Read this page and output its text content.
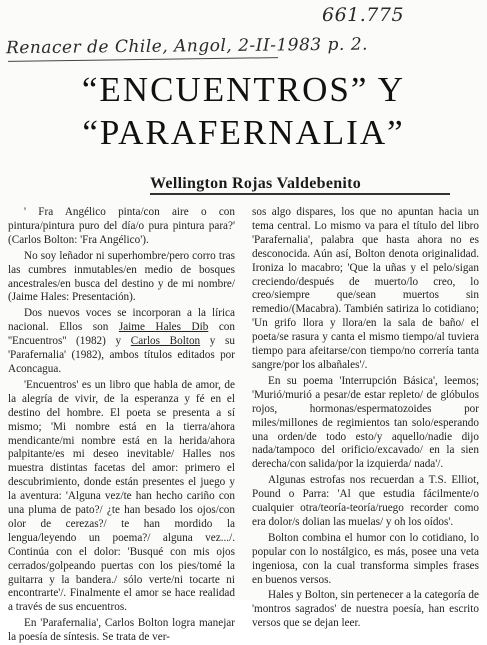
661.775
Renacer de Chile, Angol, 2-II-1983 p. 2.
“ENCUENTROS” Y
“PARAFERNALIA”
Wellington Rojas Valdebenito

' Fra Angélico pinta/con aire o con pintura/pintura puro del día/o pura pintura para?' (Carlos Bolton: 'Fra Angélico').

No soy leñador ni superhombre/pero corro tras las cumbres inmutables/en medio de bosques ancestrales/en busca del destino y de mi nombre/ (Jaime Hales: Presentación).

Dos nuevos voces se incorporan a la lírica nacional. Ellos son Jaime Hales Dib con ''Encuentros'' (1982) y Carlos Bolton y su 'Parafernalia' (1982), ambos títulos editados por Aconcagua.

'Encuentros' es un libro que habla de amor, de la alegría de vivir, de la esperanza y fé en el destino del hombre. El poeta se presenta a sí mismo; 'Mi nombre está en la tierra/ahora mendicante/mi nombre está en la herida/ahora palpitante/es mi deseo inevitable/ Halles nos muestra distintas facetas del amor: primero el descubrimiento, donde están presentes el juego y la aventura: 'Alguna vez/te han hecho cariño con una pluma de pato?/ ¿te han besado los ojos/con olor de cerezas?/ te han mordido la lengua/leyendo un poema?/ alguna vez.../. Continúa con el dolor: 'Busqué con mis ojos cerrados/golpeando puertas con los pies/tomé la guitarra y la bandera./ sólo verte/ni tocarte ni encontrarte'/. Finalmente el amor se hace realidad a través de sus encuentros.

En 'Parafernalia', Carlos Bolton logra manejar la poesía de síntesis. Se trata de ver-

sos algo dispares, los que no apuntan hacia un tema central. Lo mismo va para el título del libro 'Parafernalia', palabra que hasta ahora no es desconocida. Aún así, Bolton denota originalidad. Ironiza lo macabro; 'Que la uñas y el pelo/sigan creciendo/después de muerto/lo creo, lo creo/siempre que/sean muertos sin remedio/(Macabra). También satiriza lo cotidiano; 'Un grifo llora y llora/en la sala de baño/ el poeta/se rasura y canta el mismo tiempo/al tuviera tiempo para afeitarse/con tiempo/no correría tanta sangre/por los albañales'/.

En su poema 'Interrupción Básica', leemos; 'Murió/murió a pesar/de estar repleto/ de glóbulos rojos, hormonas/espermatozoides por miles/millones de regimientos tan solo/esperando una orden/de todo esto/y aquello/nadie dijo nada/tampoco del orificio/excavado/ en la sien derecha/con salida/por la izquierda/ nada'/.

Algunas estrofas nos recuerdan a T.S. Elliot, Pound o Parra: 'Al que estudia fácilmente/o cualquier otra/teoría-teoría/ruego recorder como era dolor/s dolian las muelas/ y oh los oídos'.

Bolton combina el humor con lo cotidiano, lo popular con lo nostálgico, es más, posee una veta ingeniosa, con la cual transforma simples frases en buenos versos.

Hales y Bolton, sin pertenecer a la categoría de 'montros sagrados' de nuestra poesía, han escrito versos que se dejan leer.
